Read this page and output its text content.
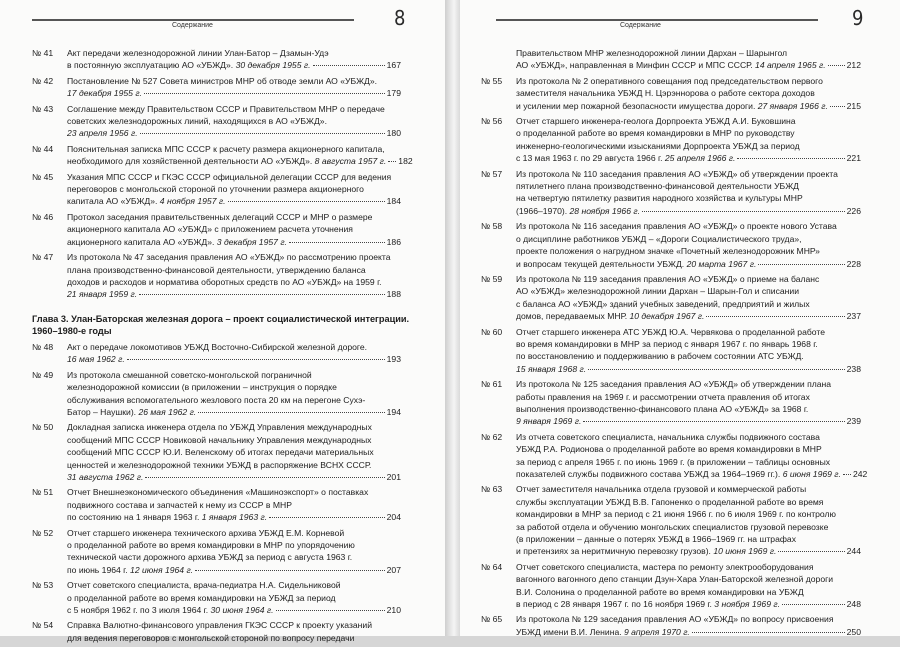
Содержание	8
№ 41 Акт передачи железнодорожной линии Улан-Батор – Дзамын-Удэ
в постоянную эксплуатацию АО «УБЖД». 30 декабря 1955 г.	167
№ 42 Постановление № 527 Совета министров МНР об отводе земли АО «УБЖД».
17 декабря 1955 г.	179
№ 43 Соглашение между Правительством СССР и Правительством МНР о передаче
советских железнодорожных линий, находящихся в АО «УБЖД».
23 апреля 1956 г.	180
№ 44 Пояснительная записка МПС СССР к расчету размера акционерного капитала,
необходимого для хозяйственной деятельности АО «УБЖД». 8 августа 1957 г. 182
№ 45 Указания МПС СССР и ГКЭС СССР официальной делегации СССР для ведения
переговоров с монгольской стороной по уточнении размера акционерного
капитала АО «УБЖД». 4 ноября 1957 г.	184
№ 46 Протокол заседания правительственных делегаций СССР и МНР о размере
акционерного капитала АО «УБЖД» с приложением расчета уточнения
акционерного капитала АО «УБЖД». 3 декабря 1957 г.	186
№ 47 Из протокола № 47 заседания правления АО «УБЖД» по рассмотрению проекта
плана производственно-финансовой деятельности, утверждению баланса
доходов и расходов и норматива оборотных средств по АО «УБЖД» на 1959 г.
21 января 1959 г.	188
Глава 3. Улан-Баторская железная дорога – проект социалистической интеграции.
1960–1980-е годы
№ 48 Акт о передаче локомотивов УБЖД Восточно-Сибирской железной дороге.
16 мая 1962 г.	193
№ 49 Из протокола смешанной советско-монгольской пограничной
железнодорожной комиссии (в приложении – инструкция о порядке
обслуживания вспомогательного жезлового поста 20 км на перегоне Сухэ-
Батор – Наушки). 26 мая 1962 г.	194
№ 50 Докладная записка инженера отдела по УБЖД Управления международных
сообщений МПС СССР Новиковой начальнику Управления международных
сообщений МПС СССР Ю.И. Веленскому об итогах передачи материальных
ценностей и железнодорожной техники УБЖД в распоряжение ВСНХ СССР.
31 августа 1962 г.	201
№ 51 Отчет Внешнеэкономического объединения «Машиноэкспорт» о поставках
подвижного состава и запчастей к нему из СССР в МНР
по состоянию на 1 января 1963 г. 1 января 1963 г.	204
№ 52 Отчет старшего инженера технического архива УБЖД Е.М. Корневой
о проделанной работе во время командировки в МНР по упорядочению
технической части дорожного архива УБЖД за период с августа 1963 г.
по июнь 1964 г. 12 июня 1964 г.	207
№ 53 Отчет советского специалиста, врача-педиатра Н.А. Сидельниковой
о проделанной работе во время командировки на УБЖД за период
с 5 ноября 1962 г. по 3 июля 1964 г. 30 июня 1964 г.	210
№ 54 Справка Валютно-финансового управления ГКЭС СССР к проекту указаний
для ведения переговоров с монгольской стороной по вопросу передачи
Содержание	9
Правительством МНР железнодорожной линии Дархан – Шарынгол
АО «УБЖД», направленная в Минфин СССР и МПС СССР. 14 апреля 1965 г. 212
№ 55 Из протокола № 2 оперативного совещания под председательством первого
заместителя начальника УБЖД Н. Цэрэннорова о работе сектора доходов
и усилении мер пожарной безопасности имущества дороги. 27 января 1966 г. 215
№ 56 Отчет старшего инженера-геолога Дорпроекта УБЖД А.И. Буковшина
о проделанной работе во время командировки в МНР по руководству
инженерно-геологическими изысканиями Дорпроекта УБЖД за период
с 13 мая 1963 г. по 29 августа 1966 г. 25 апреля 1966 г.	221
№ 57 Из протокола № 110 заседания правления АО «УБЖД» об утверждении проекта
пятилетнего плана производственно-финансовой деятельности УБЖД
на четвертую пятилетку развития народного хозяйства и культуры МНР
(1966–1970). 28 ноября 1966 г.	226
№ 58 Из протокола № 116 заседания правления АО «УБЖД» о проекте нового Устава
о дисциплине работников УБЖД – «Дороги Социалистического труда»,
проекте положения о нагрудном значке «Почетный железнодорожник МНР»
и вопросам текущей деятельности УБЖД. 20 марта 1967 г.	228
№ 59 Из протокола № 119 заседания правления АО «УБЖД» о приеме на баланс
АО «УБЖД» железнодорожной линии Дархан – Шарын-Гол и списании
с баланса АО «УБЖД» зданий учебных заведений, предприятий и жилых
домов, передаваемых МНР. 10 декабря 1967 г.	237
№ 60 Отчет старшего инженера АТС УБЖД Ю.А. Червякова о проделанной работе
во время командировки в МНР за период с января 1967 г. по январь 1968 г.
по восстановлению и поддерживанию в рабочем состоянии АТС УБЖД.
15 января 1968 г.	238
№ 61 Из протокола № 125 заседания правления АО «УБЖД» об утверждении плана
работы правления на 1969 г. и рассмотрении отчета правления об итогах
выполнения производственно-финансового плана АО «УБЖД» за 1968 г.
9 января 1969 г.	239
№ 62 Из отчета советского специалиста, начальника службы подвижного состава
УБЖД Р.А. Родионова о проделанной работе во время командировки в МНР
за период с апреля 1965 г. по июнь 1969 г. (в приложении – таблицы основных
показателей службы подвижного состава УБЖД за 1964–1969 гг.). 6 июня 1969 г. 242
№ 63 Отчет заместителя начальника отдела грузовой и коммерческой работы
службы эксплуатации УБЖД В.В. Гапоненко о проделанной работе во время
командировки в МНР за период с 21 июня 1966 г. по 6 июля 1969 г. по контролю
за работой отдела и обучению монгольских специалистов грузовой перевозке
(в приложении – данные о потерях УБЖД в 1966–1969 гг. на штрафах
и претензиях за неритмичную перевозку грузов). 10 июня 1969 г.	244
№ 64 Отчет советского специалиста, мастера по ремонту электрооборудования
вагонного вагонного депо станции Дзун-Хара Улан-Баторской железной дороги
В.И. Солонина о проделанной работе во время командировки на УБЖД
в период с 28 января 1967 г. по 16 ноября 1969 г. 3 ноября 1969 г.	248
№ 65 Из протокола № 129 заседания правления АО «УБЖД» по вопросу присвоения
УБЖД имени В.И. Ленина. 9 апреля 1970 г.	250
